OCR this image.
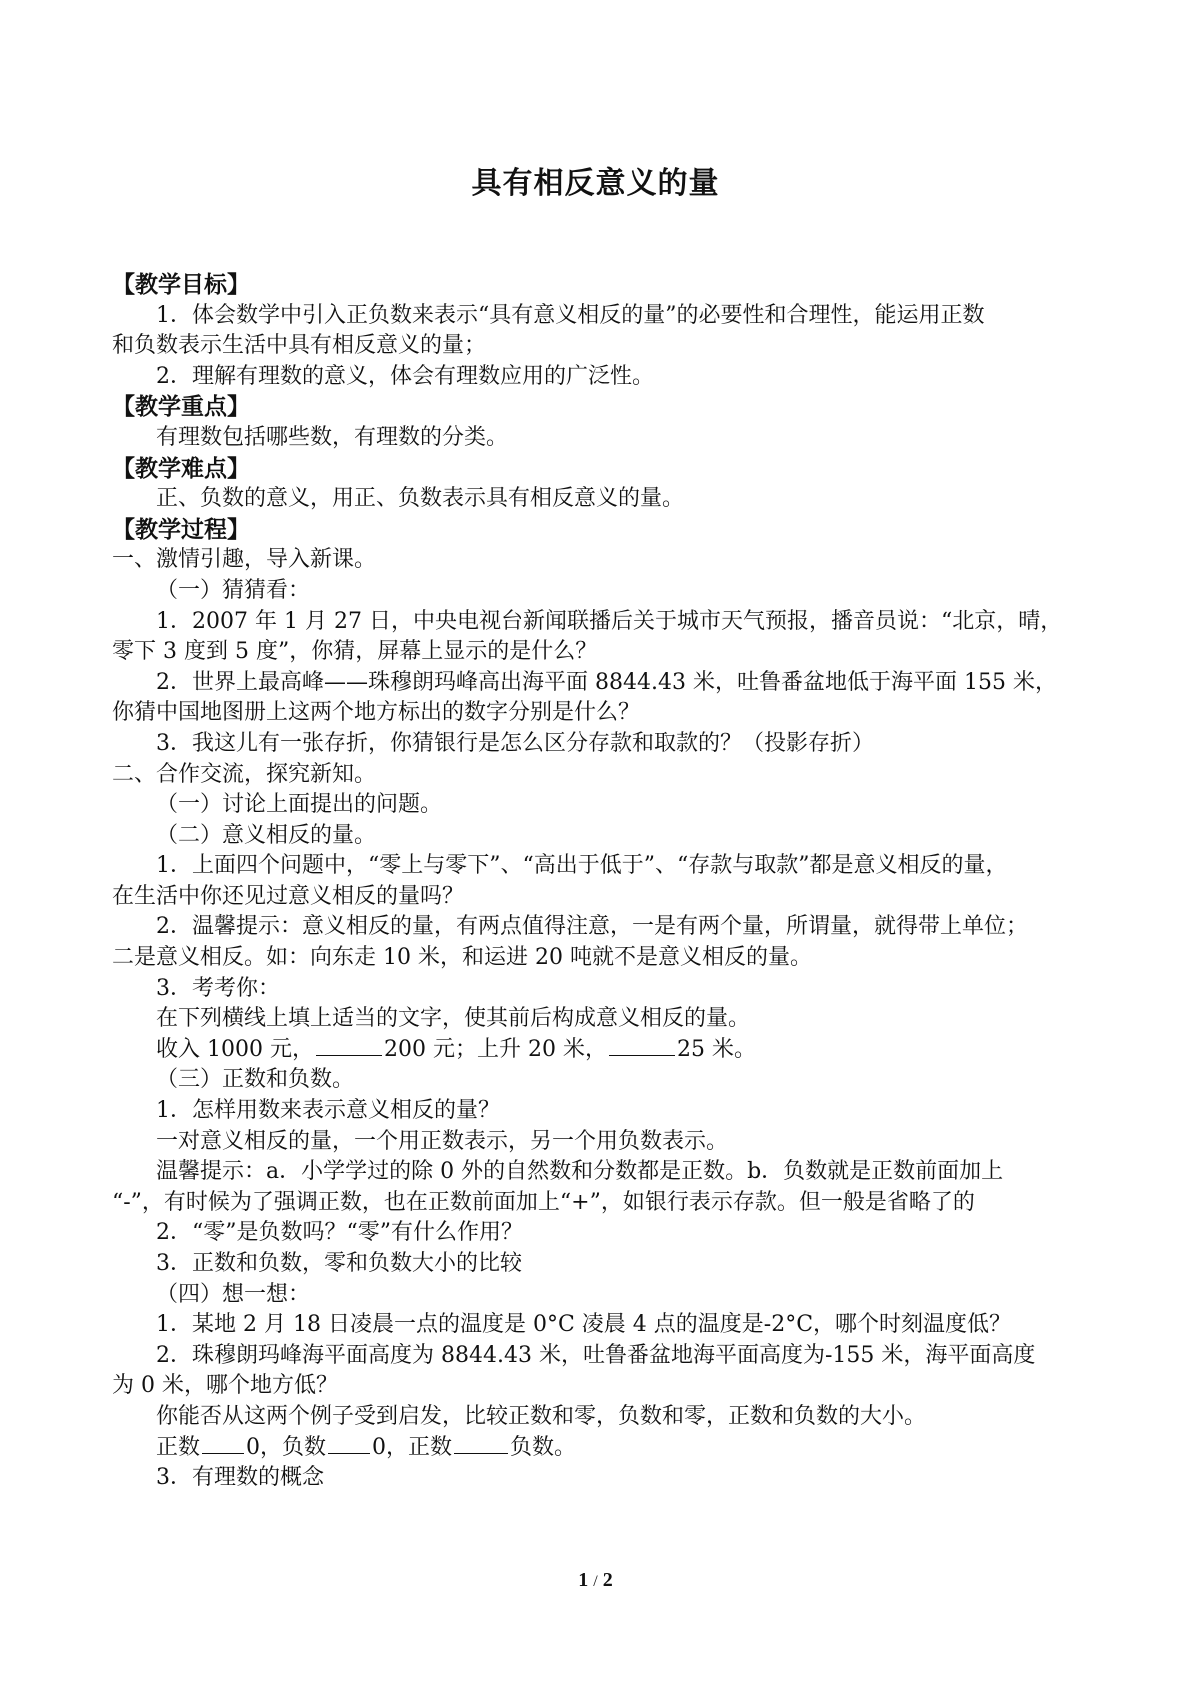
具有相反意义的量
【教学目标】
1．体会数学中引入正负数来表示“具有意义相反的量”的必要性和合理性，能运用正数
和负数表示生活中具有相反意义的量；
2．理解有理数的意义，体会有理数应用的广泛性。
【教学重点】
有理数包括哪些数，有理数的分类。
【教学难点】
正、负数的意义，用正、负数表示具有相反意义的量。
【教学过程】
一、激情引趣，导入新课。
（一）猜猜看：
1．2007 年 1 月 27 日，中央电视台新闻联播后关于城市天气预报，播音员说：“北京，晴，
零下 3 度到 5 度”，你猜，屏幕上显示的是什么？
2．世界上最高峰——珠穆朗玛峰高出海平面 8844.43 米，吐鲁番盆地低于海平面 155 米，
你猜中国地图册上这两个地方标出的数字分别是什么？
3．我这儿有一张存折，你猜银行是怎么区分存款和取款的？（投影存折）
二、合作交流，探究新知。
（一）讨论上面提出的问题。
（二）意义相反的量。
1．上面四个问题中，“零上与零下”、“高出于低于”、“存款与取款”都是意义相反的量，
在生活中你还见过意义相反的量吗？
2．温馨提示：意义相反的量，有两点值得注意，一是有两个量，所谓量，就得带上单位；
二是意义相反。如：向东走 10 米，和运进 20 吨就不是意义相反的量。
3．考考你：
在下列横线上填上适当的文字，使其前后构成意义相反的量。
收入 1000 元，	200 元；上升 20 米，	25 米。
（三）正数和负数。
1．怎样用数来表示意义相反的量？
一对意义相反的量，一个用正数表示，另一个用负数表示。
温馨提示：a．小学学过的除 0 外的自然数和分数都是正数。b．负数就是正数前面加上
“-”，有时候为了强调正数，也在正数前面加上“+”，如银行表示存款。但一般是省略了的
2．“零”是负数吗？“零”有什么作用？
3．正数和负数，零和负数大小的比较
（四）想一想：
1．某地 2 月 18 日凌晨一点的温度是 0°C 凌晨 4 点的温度是-2°C，哪个时刻温度低？
2．珠穆朗玛峰海平面高度为 8844.43 米，吐鲁番盆地海平面高度为-155 米，海平面高度
为 0 米，哪个地方低？
你能否从这两个例子受到启发，比较正数和零，负数和零，正数和负数的大小。
正数 0，负数 0，正数	负数。
3．有理数的概念
1 / 2
